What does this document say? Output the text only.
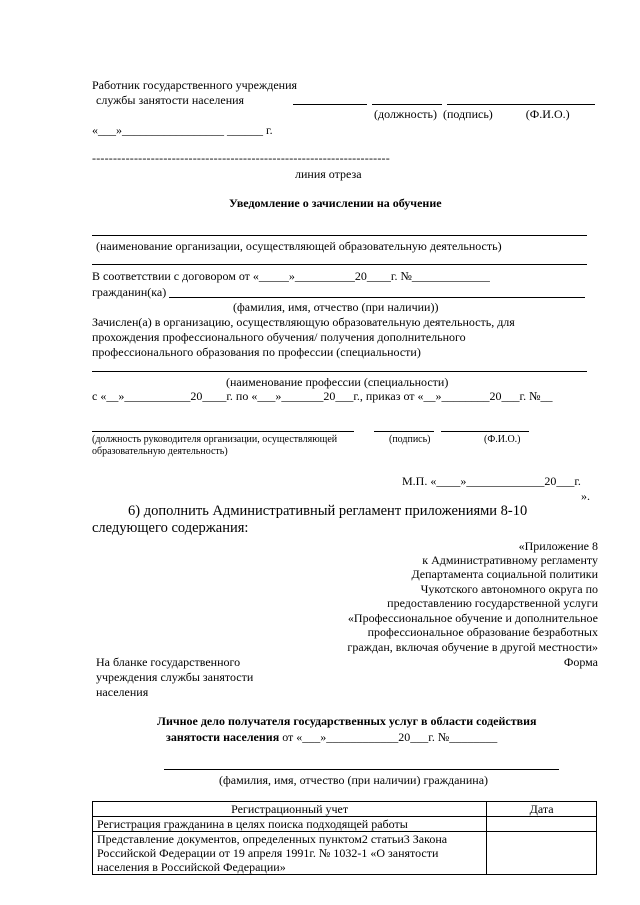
Работник государственного учреждения
службы занятости населения
(должность)  (подпись)           (Ф.И.О.)
«___»_________________ ______ г.
-----------------------------------------------------------------------
линия отреза
Уведомление о зачислении на обучение
(наименование организации, осуществляющей образовательную деятельность)
В соответствии с договором от «_____»__________20____г. №_____________
гражданин(ка)
(фамилия, имя, отчество (при наличии))
Зачислен(а) в организацию, осуществляющую образовательную деятельность, для
прохождения профессионального обучения/ получения дополнительного
профессионального образования по профессии (специальности)
(наименование профессии (специальности)
с «__»___________20____г. по «___»_______20___г., приказ от «__»________20___г. №__
(должность руководителя организации, осуществляющей	(подпись)	(Ф.И.О.)
образовательную деятельность)
М.П. «____»_____________20___г.
».
6) дополнить Административный регламент приложениями 8-10
следующего содержания:
«Приложение 8
к Административному регламенту
Департамента социальной политики
Чукотского автономного округа по
предоставлению государственной услуги
«Профессиональное обучение и дополнительное
профессиональное образование безработных
граждан, включая обучение в другой местности»
Форма
На бланке государственного
учреждения службы занятости
населения
Личное дело получателя государственных услуг в области содействия
занятости населения от «___»____________20___г. №________
(фамилия, имя, отчество (при наличии) гражданина)
Регистрационный учет	Дата
Регистрация гражданина в целях поиска подходящей работы	

Представление документов, определенных пунктом2 статьи3 Закона
Российской Федерации от 19 апреля 1991г. № 1032-1 «О занятости
населения в Российской Федерации»	
